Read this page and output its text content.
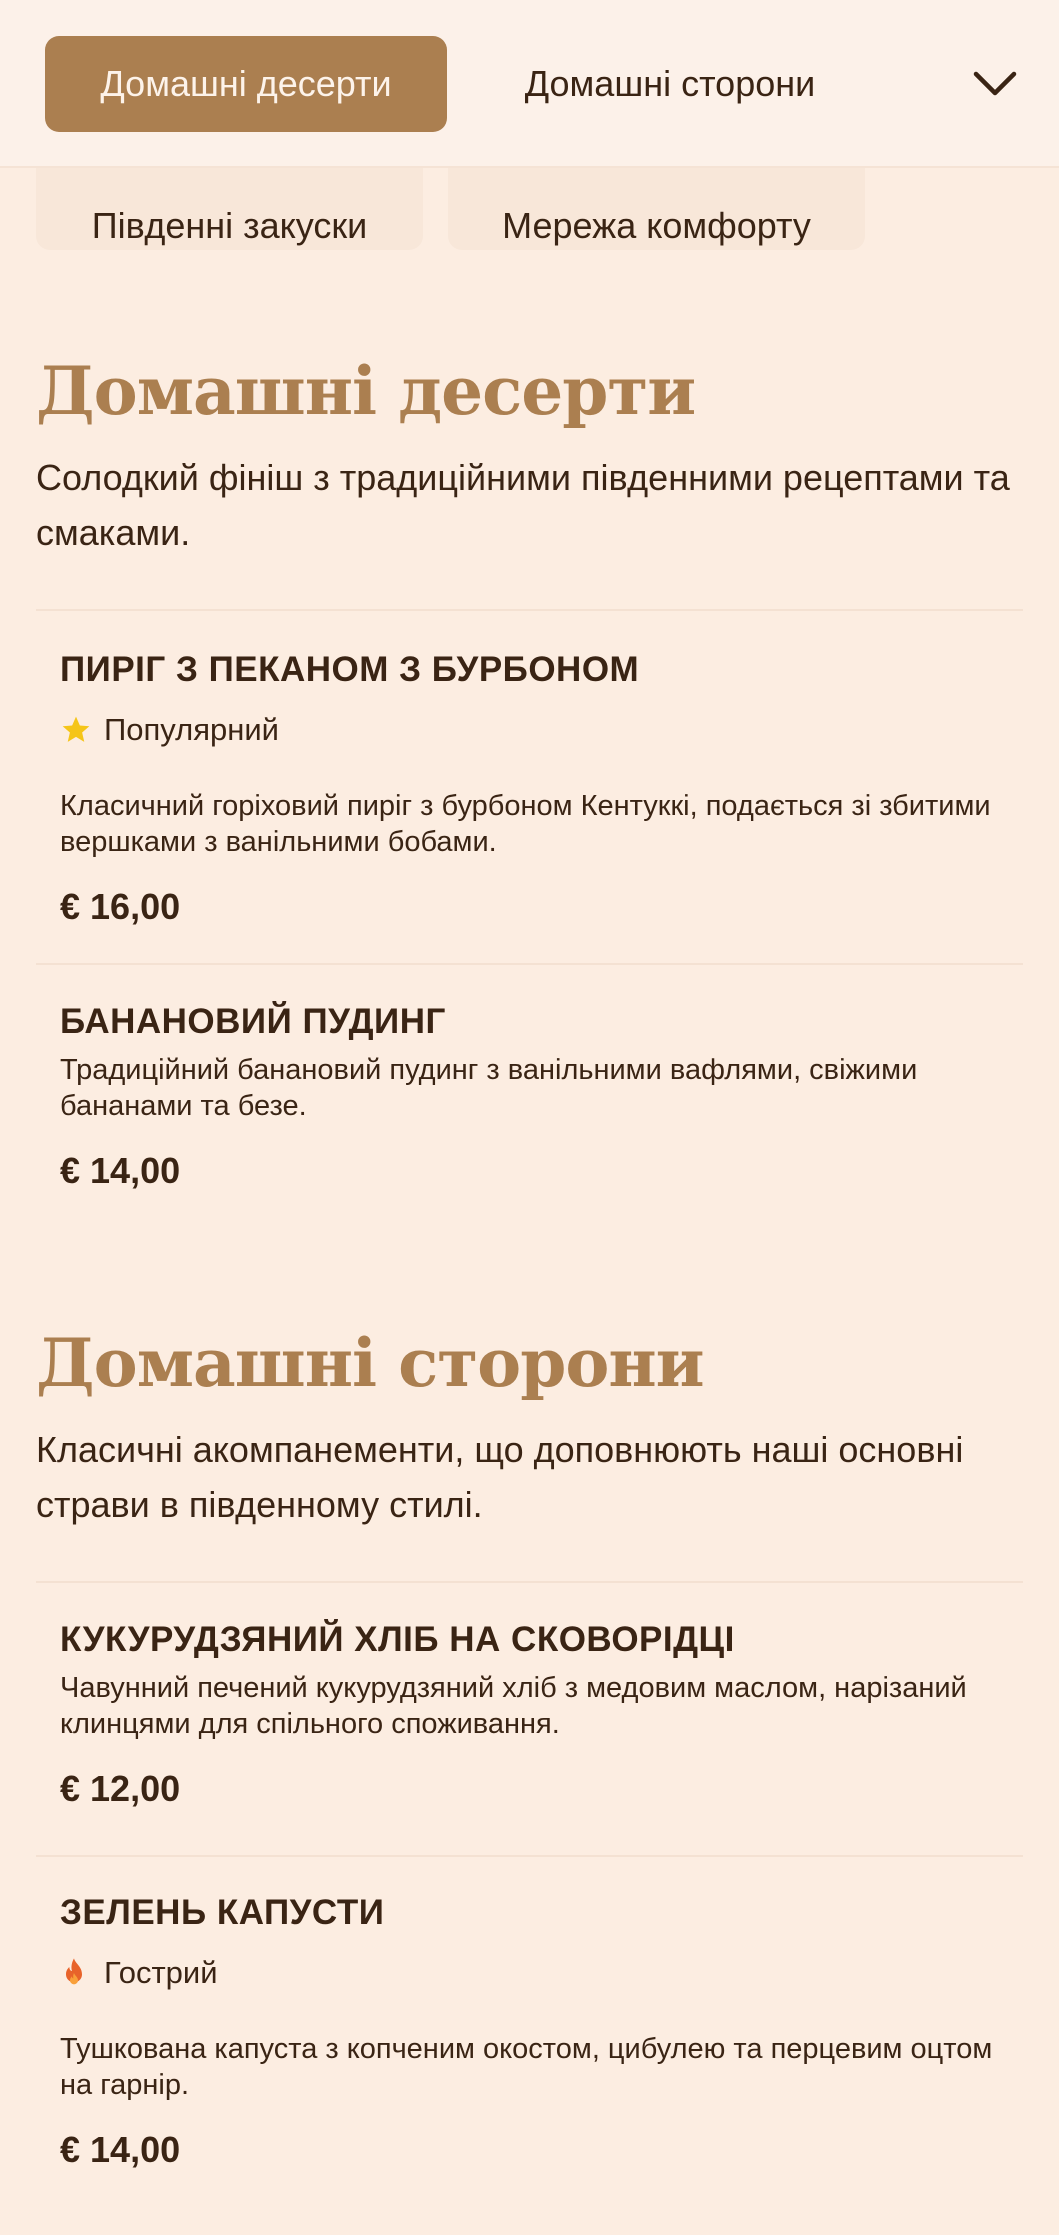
Південні закуски	Мережа комфорту
Домашні десерти	Домашні сторони
Домашні десерти

Солодкий фініш з традиційними південними рецептами та смаками.

ПИРІГ З ПЕКАНОМ З БУРБОНОМ
Популярний
Класичний горіховий пиріг з бурбоном Кентуккі, подається зі збитими вершками з ванільними бобами.
€ 16,00
БАНАНОВИЙ ПУДИНГ
Традиційний банановий пудинг з ванільними вафлями, свіжими бананами та безе.
€ 14,00
Домашні сторони

Класичні акомпанементи, що доповнюють наші основні страви в південному стилі.

КУКУРУДЗЯНИЙ ХЛІБ НА СКОВОРІДЦІ
Чавунний печений кукурудзяний хліб з медовим маслом, нарізаний клинцями для спільного споживання.
€ 12,00
ЗЕЛЕНЬ КАПУСТИ
Гострий
Тушкована капуста з копченим окостом, цибулею та перцевим оцтом на гарнір.
€ 14,00
